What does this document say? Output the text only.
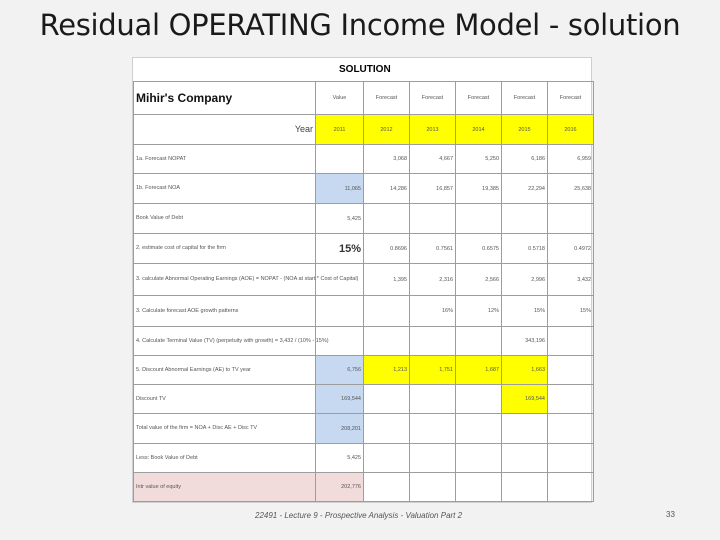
Residual OPERATING Income Model - solution
SOLUTION
Mihir's Company	Value	Forecast	Forecast	Forecast	Forecast	Forecast

Year	2011	2012	2013	2014	2015	2016
1a. Forecast NOPAT		3,068	4,667	5,250	6,186	6,959
1b. Forecast NOA	11,065	14,286	16,857	19,385	22,294	25,638
Book Value of Debt	5,425					
2. estimate cost of capital for the firm	15%	0.8696	0.7561	0.6575	0.5718	0.4972
3. calculate Abnormal Operating Earnings (AOE) = NOPAT - (NOA at start * Cost of Capital)		1,395	2,316	2,566	2,996	3,432
3. Calculate forecast AOE growth patterns			16%	12%	15%	15%
4. Calculate Terminal Value (TV) (perpetuity with growth) = 3,432 / (10% - 15%)					343,196	
5. Discount Abnormal Earnings (AE) to TV year	6,756	1,213	1,751	1,687	1,663	
Discount TV	169,544				169,544	
Total value of the firm = NOA + Disc AE + Disc TV	208,201					
Less: Book Value of Debt	5,425					
Intr value of equity	202,776					
22491 - Lecture 9 - Prospective Analysis - Valuation Part 2	33
